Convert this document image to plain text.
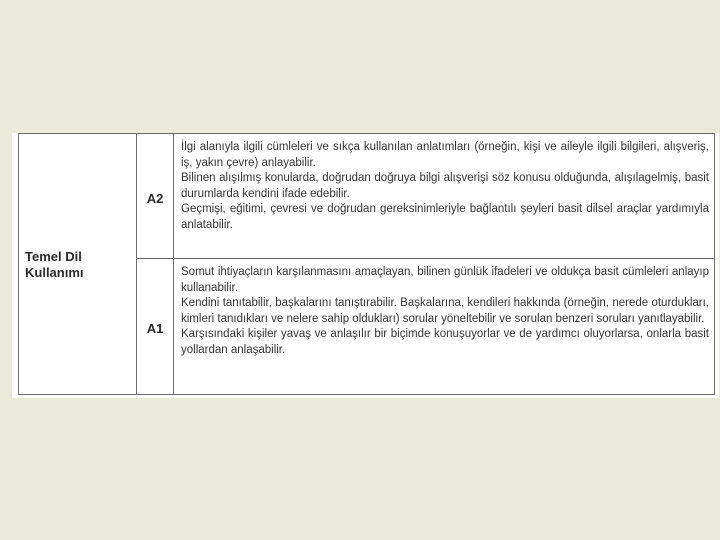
Temel Dil
Kullanımı
A2
A1

İlgi alanıyla ilgili cümleleri ve sıkça kullanılan anlatımları (örneğin, kişi ve aileyle ilgili bilgileri, alışveriş, iş, yakın çevre) anlayabilir.

Bilinen alışılmış konularda, doğrudan doğruya bilgi alışverişi söz konusu olduğunda, alışılagelmiş, basit durumlarda kendini ifade edebilir.

Geçmişi, eğitimi, çevresi ve doğrudan gereksinimleriyle bağlantılı şeyleri basit dilsel araçlar yardımıyla anlatabilir.

Somut ihtiyaçların karşılanmasını amaçlayan, bilinen günlük ifadeleri ve oldukça basit cümleleri anlayıp kullanabilir.

Kendini tanıtabilir, başkalarını tanıştırabilir. Başkalarına, kendileri hakkında (örneğin, nerede oturdukları, kimleri tanıdıkları ve nelere sahip oldukları) sorular yöneltebilir ve sorulan benzeri soruları yanıtlayabilir.

Karşısındaki kişiler yavaş ve anlaşılır bir biçimde konuşuyorlar ve de yardımcı oluyorlarsa, onlarla basit yollardan anlaşabilir.
